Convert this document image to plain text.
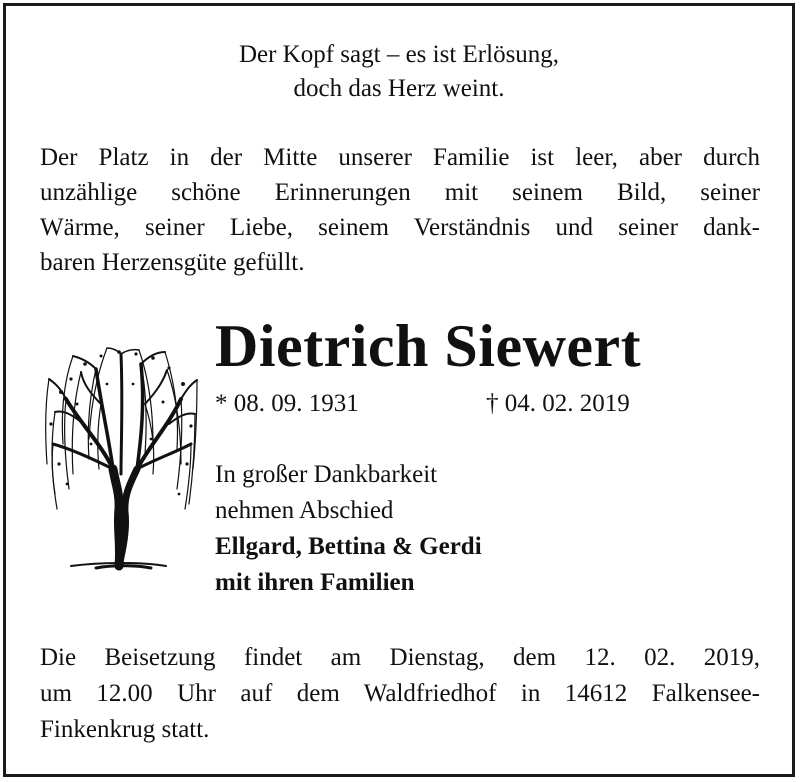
Der Kopf sagt – es ist Erlösung,
doch das Herz weint.
Der Platz in der Mitte unserer Familie ist leer, aber durch
unzählige schöne Erinnerungen mit seinem Bild, seiner
Wärme, seiner Liebe, seinem Verständnis und seiner dank-
baren Herzensgüte gefüllt.
Dietrich Siewert
* 08. 09. 1931	† 04. 02. 2019
In großer Dankbarkeit
nehmen Abschied
Ellgard, Bettina & Gerdi
mit ihren Familien
Die Beisetzung findet am Dienstag, dem 12. 02. 2019,
um 12.00 Uhr auf dem Waldfriedhof in 14612 Falkensee-
Finkenkrug statt.
